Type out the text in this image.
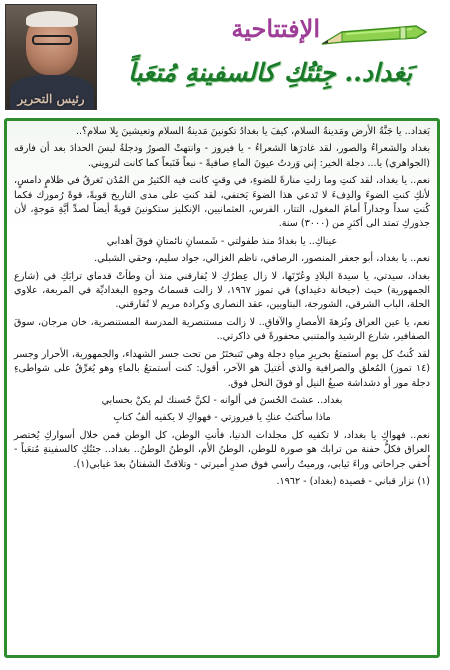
رئيس التحرير
الإفتتاحية
بَغداد.. جِئتُكِ كالسفينةِ مُتعَباً

بَغداد.. يا جَنَّةُ الأرض ومَدينةُ السلام، كيفَ يا بغدادُ تكونينَ مَدينةُ السلام وتعيشينَ بِلا سلام؟..

بغداد والشعراءُ والصور، لقد غادرَها الشعراءُ - يا فيروز - وانتهتْ الصورُ ودجلةُ لبسَ الحدادَ بعد أن فارقه (الجواهري) يا... دجلة الخير: إني وَردتُ عيونَ الماءِ صافيةً - نبعاً فَنَبعاً كما كانت لترويني.

نعم.. يا بغداد، لقد كنتِ وما زلتِ منارةً للضوءِ، في وقتٍ كانت فيه الكثيرُ من المُدُن تَغرقُ في ظلامٍ دامسٍ، لأنكِ كنتِ الضوءَ والدِفءَ لا تَدعي هذا الضوءَ يَختفي، لقد كنتِ على مدى التاريخ قويةً، قوةً رُموزك فكما كُنتِ سداً وجداراً أمامَ المغول، التتار، الفرس، العثمانيين، الإنكليز ستكونينَ قويةً أيضاً لصدِّ أيَّةِ مَوجةٍ، لأن جذوركِ تمتد الى أكثرِ من (٣٠٠٠) سنة.

عيناكِ.. يا بغدادُ منذ طفولتي - شَمسانِ نائمتانِ فوقَ أهدابي

نعم.. يا بغداد، أبو جعفر المنصور، الرصافي، ناظم الغزالي، جواد سليم، وحقي الشبلي.

بغداد، سيدتي، يا سيدةَ البلادِ وعُرّتَها، لا زال عِطرُكِ لا يُفارقني منذ أن وطأتْ قدماي ترابَكِ في (شارع الجمهورية) حيث (جيخانة دغيداي) في تموز ١٩٦٧، لا زالت قسماتُ وجوهِ البغداديِّة في المربعة، علاوي الحلة، الباب الشرقي، الشورجة، البتاويين، عقد النصارى وكرادة مريم لا تُفارقني.

نعم، يا عين العراق ونُزهةَ الأمصارِ والآفاقِ.. لا زالت مستنصرية المدرسة المستنصرية، خان مرجان، سوقَ الصفافير، شارع الرشيد والمتنبي محفورةً في ذاكرتي..

لقد كُنتُ كل يوم أستمتعُ بخريرِ مياهِ دجلة وهي تَتبختَرُ من تحت جسر الشهداء، والجمهورية، الأحرار وجسر (١٤ تموز) المُعلق والصرافية والذي أغتيلَ هو الآخر، أقول: كنت أستمتعُ بالماءِ وهو يُغرِّقُ على شواطىءِ دجلة مور أو دشداشة صبغُ النيل أو فوقَ النخل فوق.

بغداد.. عشتَ الحُسنَ في ألوانه - لكنَّ حُسنك لم يكنْ بحسابي

ماذا سأكتبُ عنكِ يا فيروزتي - فهواكِ لا يكفيه ألفُ كتابِ

نعم.. فهواكِ يا بغداد، لا تكفيه كل مجلدات الدنيا، فأنتِ الوطن، كل الوطن فمن خلال أسواركِ يُختصر العراق فكلُّ حفنة من ترابك هو صورة للوطن، الوطنُ الأم، الوطنُ الوطنُ.. بغداد.. جئتُكِ كالسفينةِ مُتعَباً - أُخفي جراحاتي وراءَ ثيابي، ورميتُ رأسي فوق صدرِ أميرتي - وتلاقتْ الشفتانُ بعدَ غيابي(١).

(١) نزار قباني - قصيدة (بغداد) - ١٩٦٢.
